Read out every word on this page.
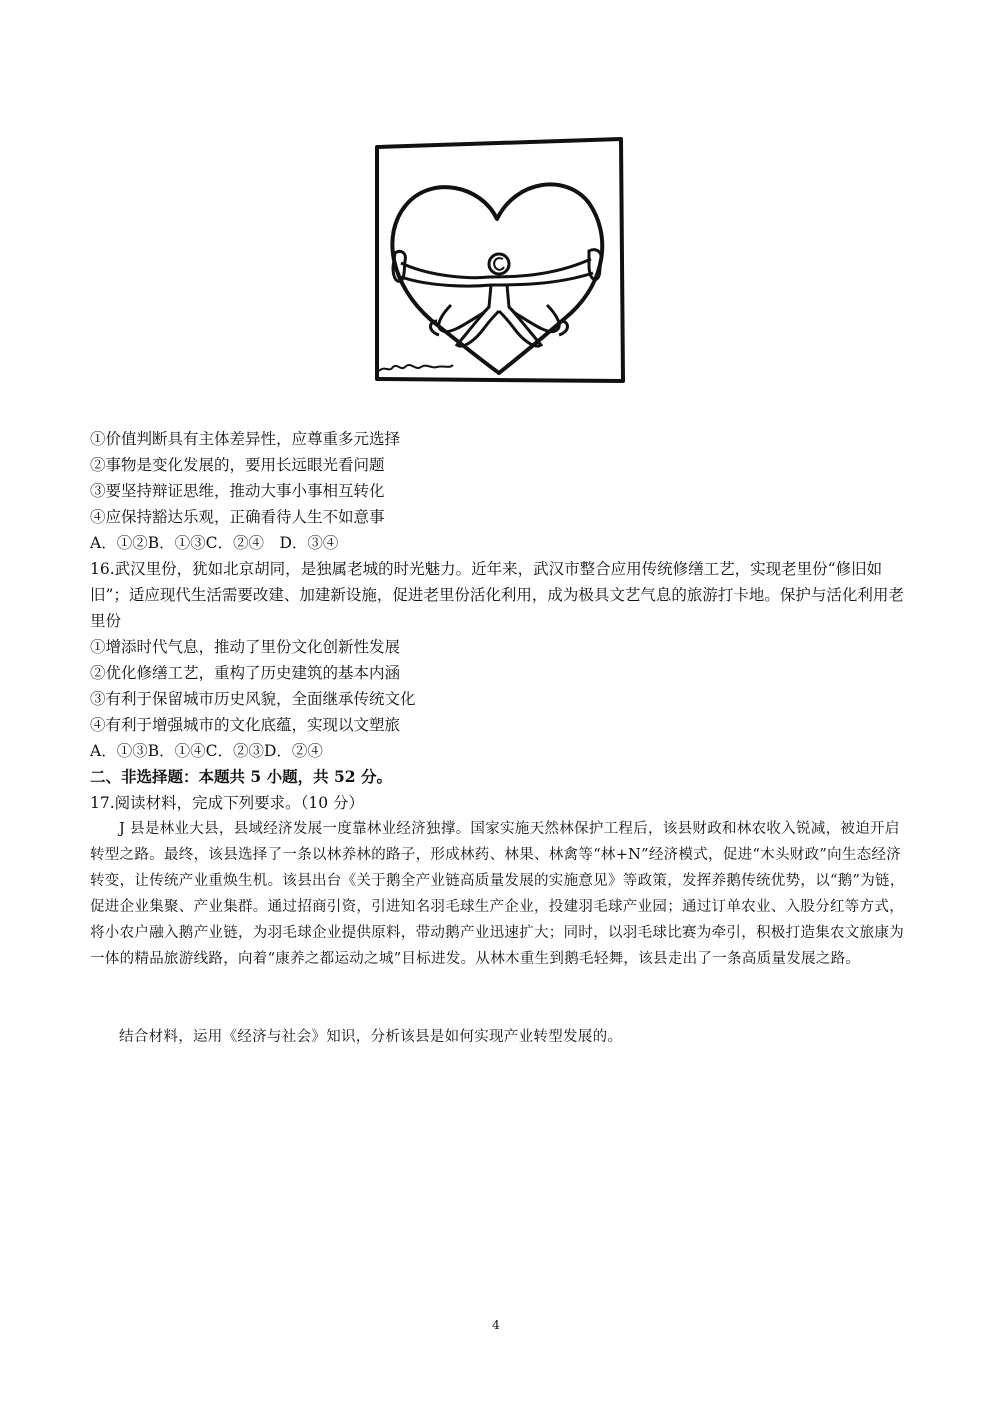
①价值判断具有主体差异性，应尊重多元选择
②事物是变化发展的，要用长远眼光看问题
③要坚持辩证思维，推动大事小事相互转化
④应保持豁达乐观，正确看待人生不如意事
A．①②B．①③C．②④　D．③④

16.武汉里份，犹如北京胡同，是独属老城的时光魅力。近年来，武汉市整合应用传统修缮工艺，实现老里份“修旧如旧”；适应现代生活需要改建、加建新设施，促进老里份活化利用，成为极具文艺气息的旅游打卡地。保护与活化利用老里份

①增添时代气息，推动了里份文化创新性发展
②优化修缮工艺，重构了历史建筑的基本内涵
③有利于保留城市历史风貌，全面继承传统文化
④有利于增强城市的文化底蕴，实现以文塑旅
A．①③B．①④C．②③D．②④
二、非选择题：本题共 5 小题，共 52 分。
17.阅读材料，完成下列要求。（10 分）

J 县是林业大县，县域经济发展一度靠林业经济独撑。国家实施天然林保护工程后，该县财政和林农收入锐减，被迫开启转型之路。最终，该县选择了一条以林养林的路子，形成林药、林果、林禽等“林+N”经济模式，促进“木头财政”向生态经济转变，让传统产业重焕生机。该县出台《关于鹅全产业链高质量发展的实施意见》等政策，发挥养鹅传统优势，以“鹅”为链，促进企业集聚、产业集群。通过招商引资，引进知名羽毛球生产企业，投建羽毛球产业园；通过订单农业、入股分红等方式，将小农户融入鹅产业链，为羽毛球企业提供原料，带动鹅产业迅速扩大；同时，以羽毛球比赛为牵引，积极打造集农文旅康为一体的精品旅游线路，向着“康养之都运动之城”目标进发。从林木重生到鹅毛轻舞，该县走出了一条高质量发展之路。

结合材料，运用《经济与社会》知识，分析该县是如何实现产业转型发展的。

4
